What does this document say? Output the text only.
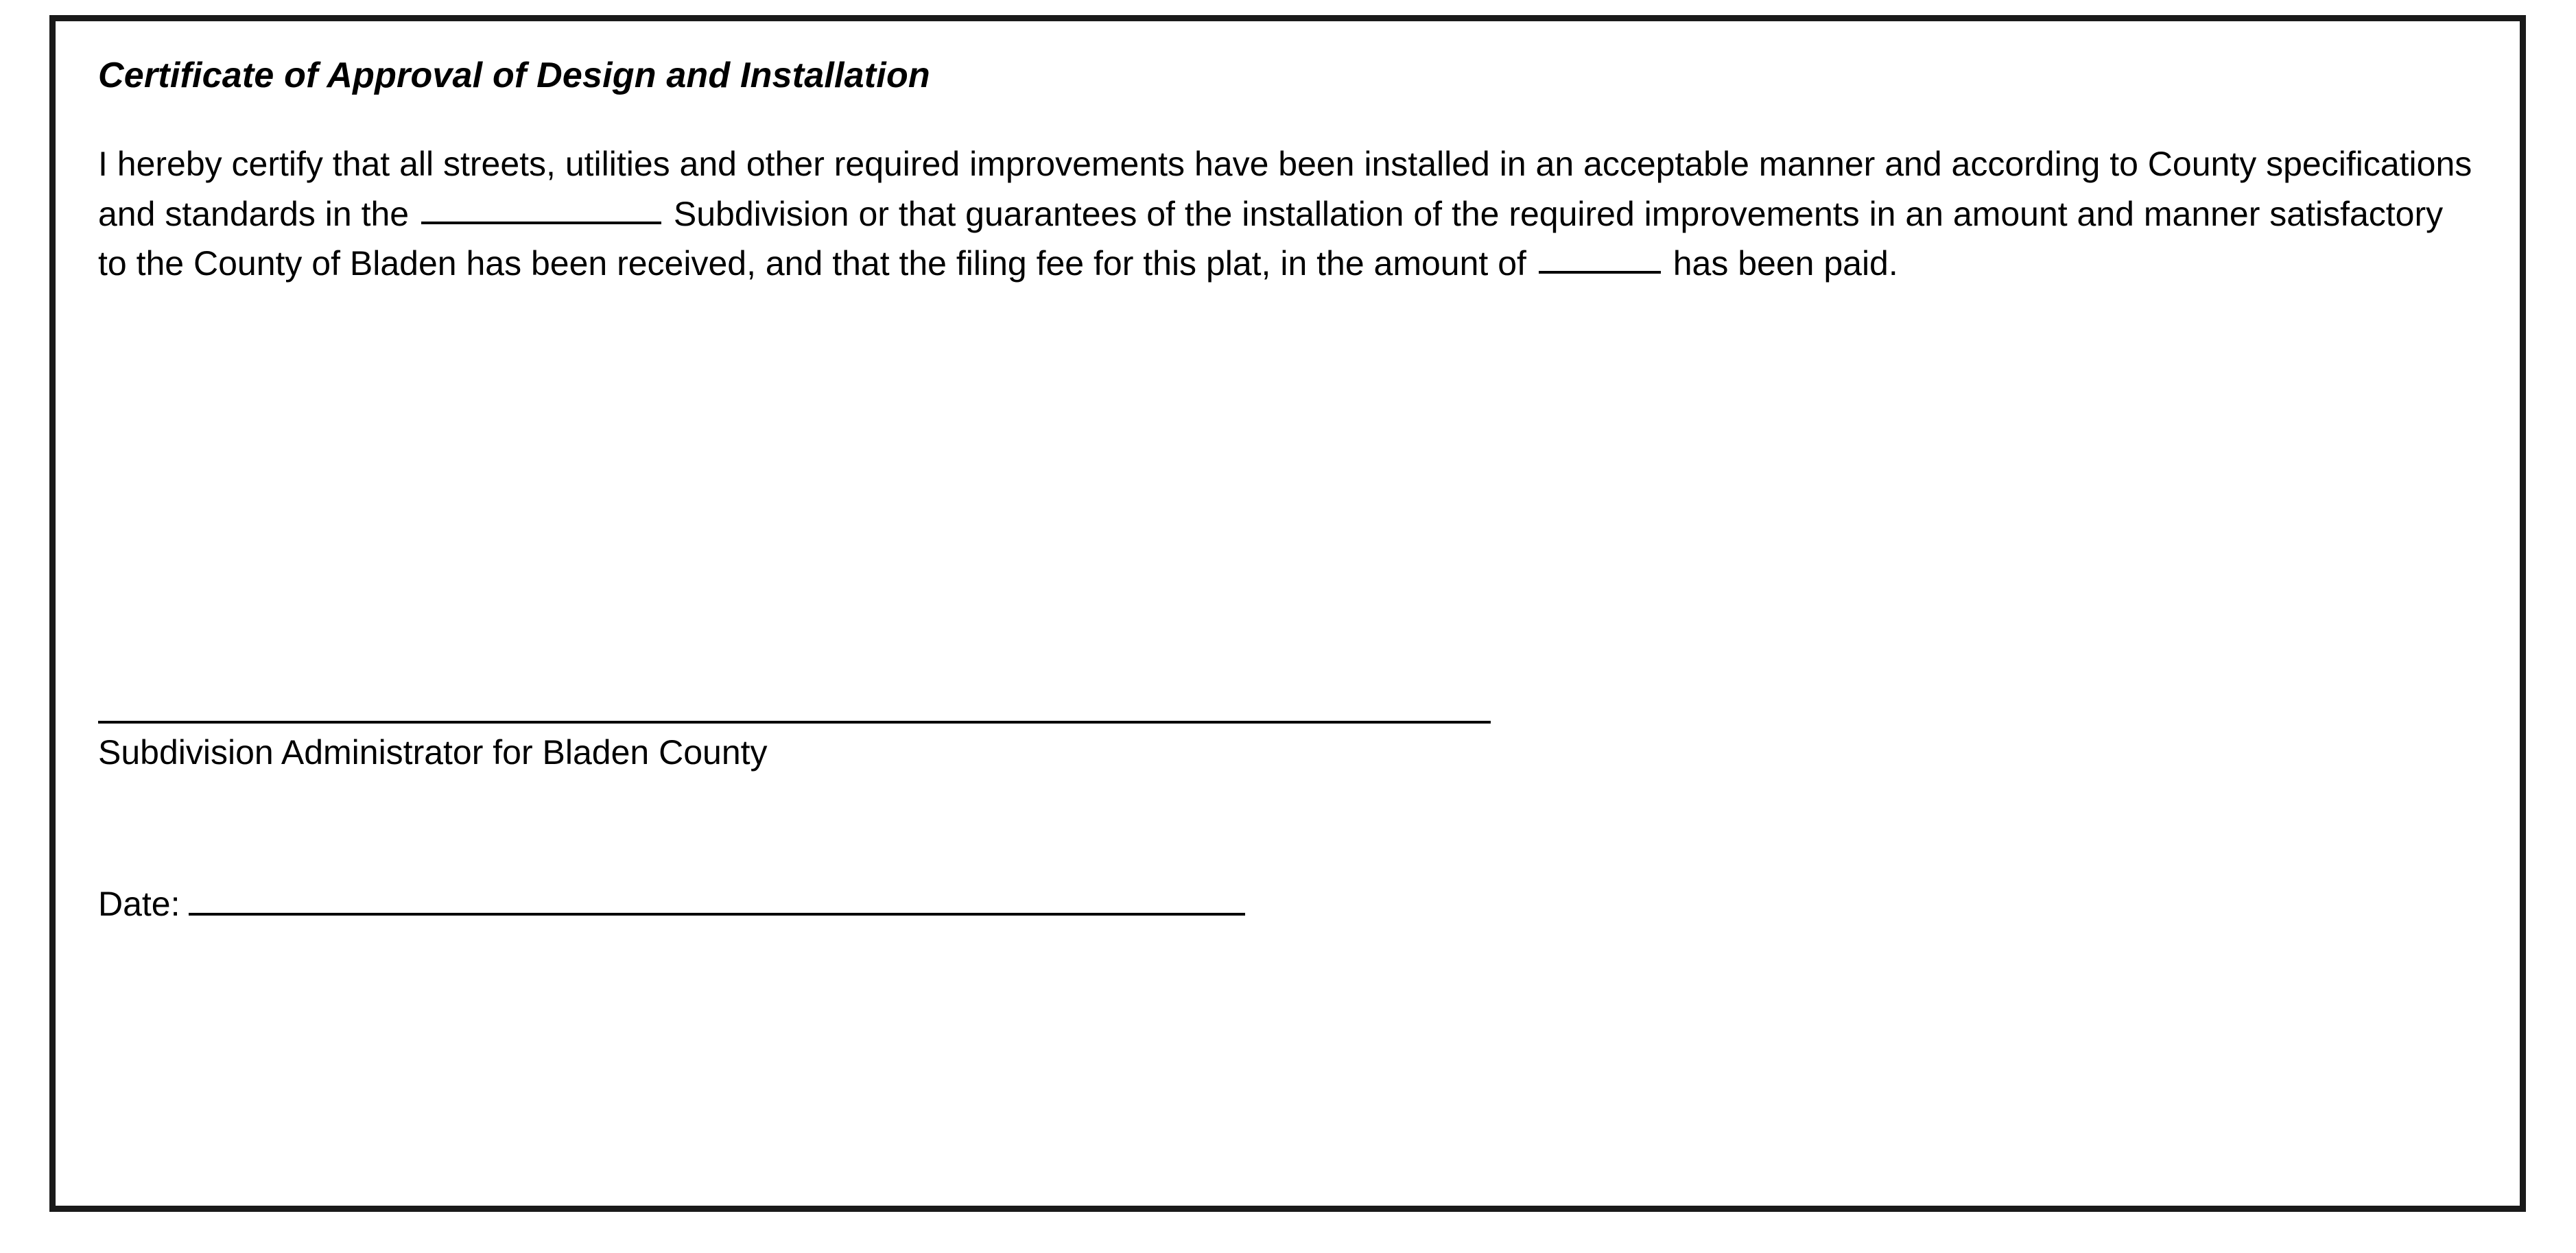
Certificate of Approval of Design and Installation

I hereby certify that all streets, utilities and other required improvements have been installed in an acceptable manner and according to County specifications and standards in the	Subdivision or that guarantees of the installation of the required improvements in an amount and manner satisfactory to the County of Bladen has been received, and that the filing fee for this plat, in the amount of	has been paid.

Subdivision Administrator for Bladen County
Date:
